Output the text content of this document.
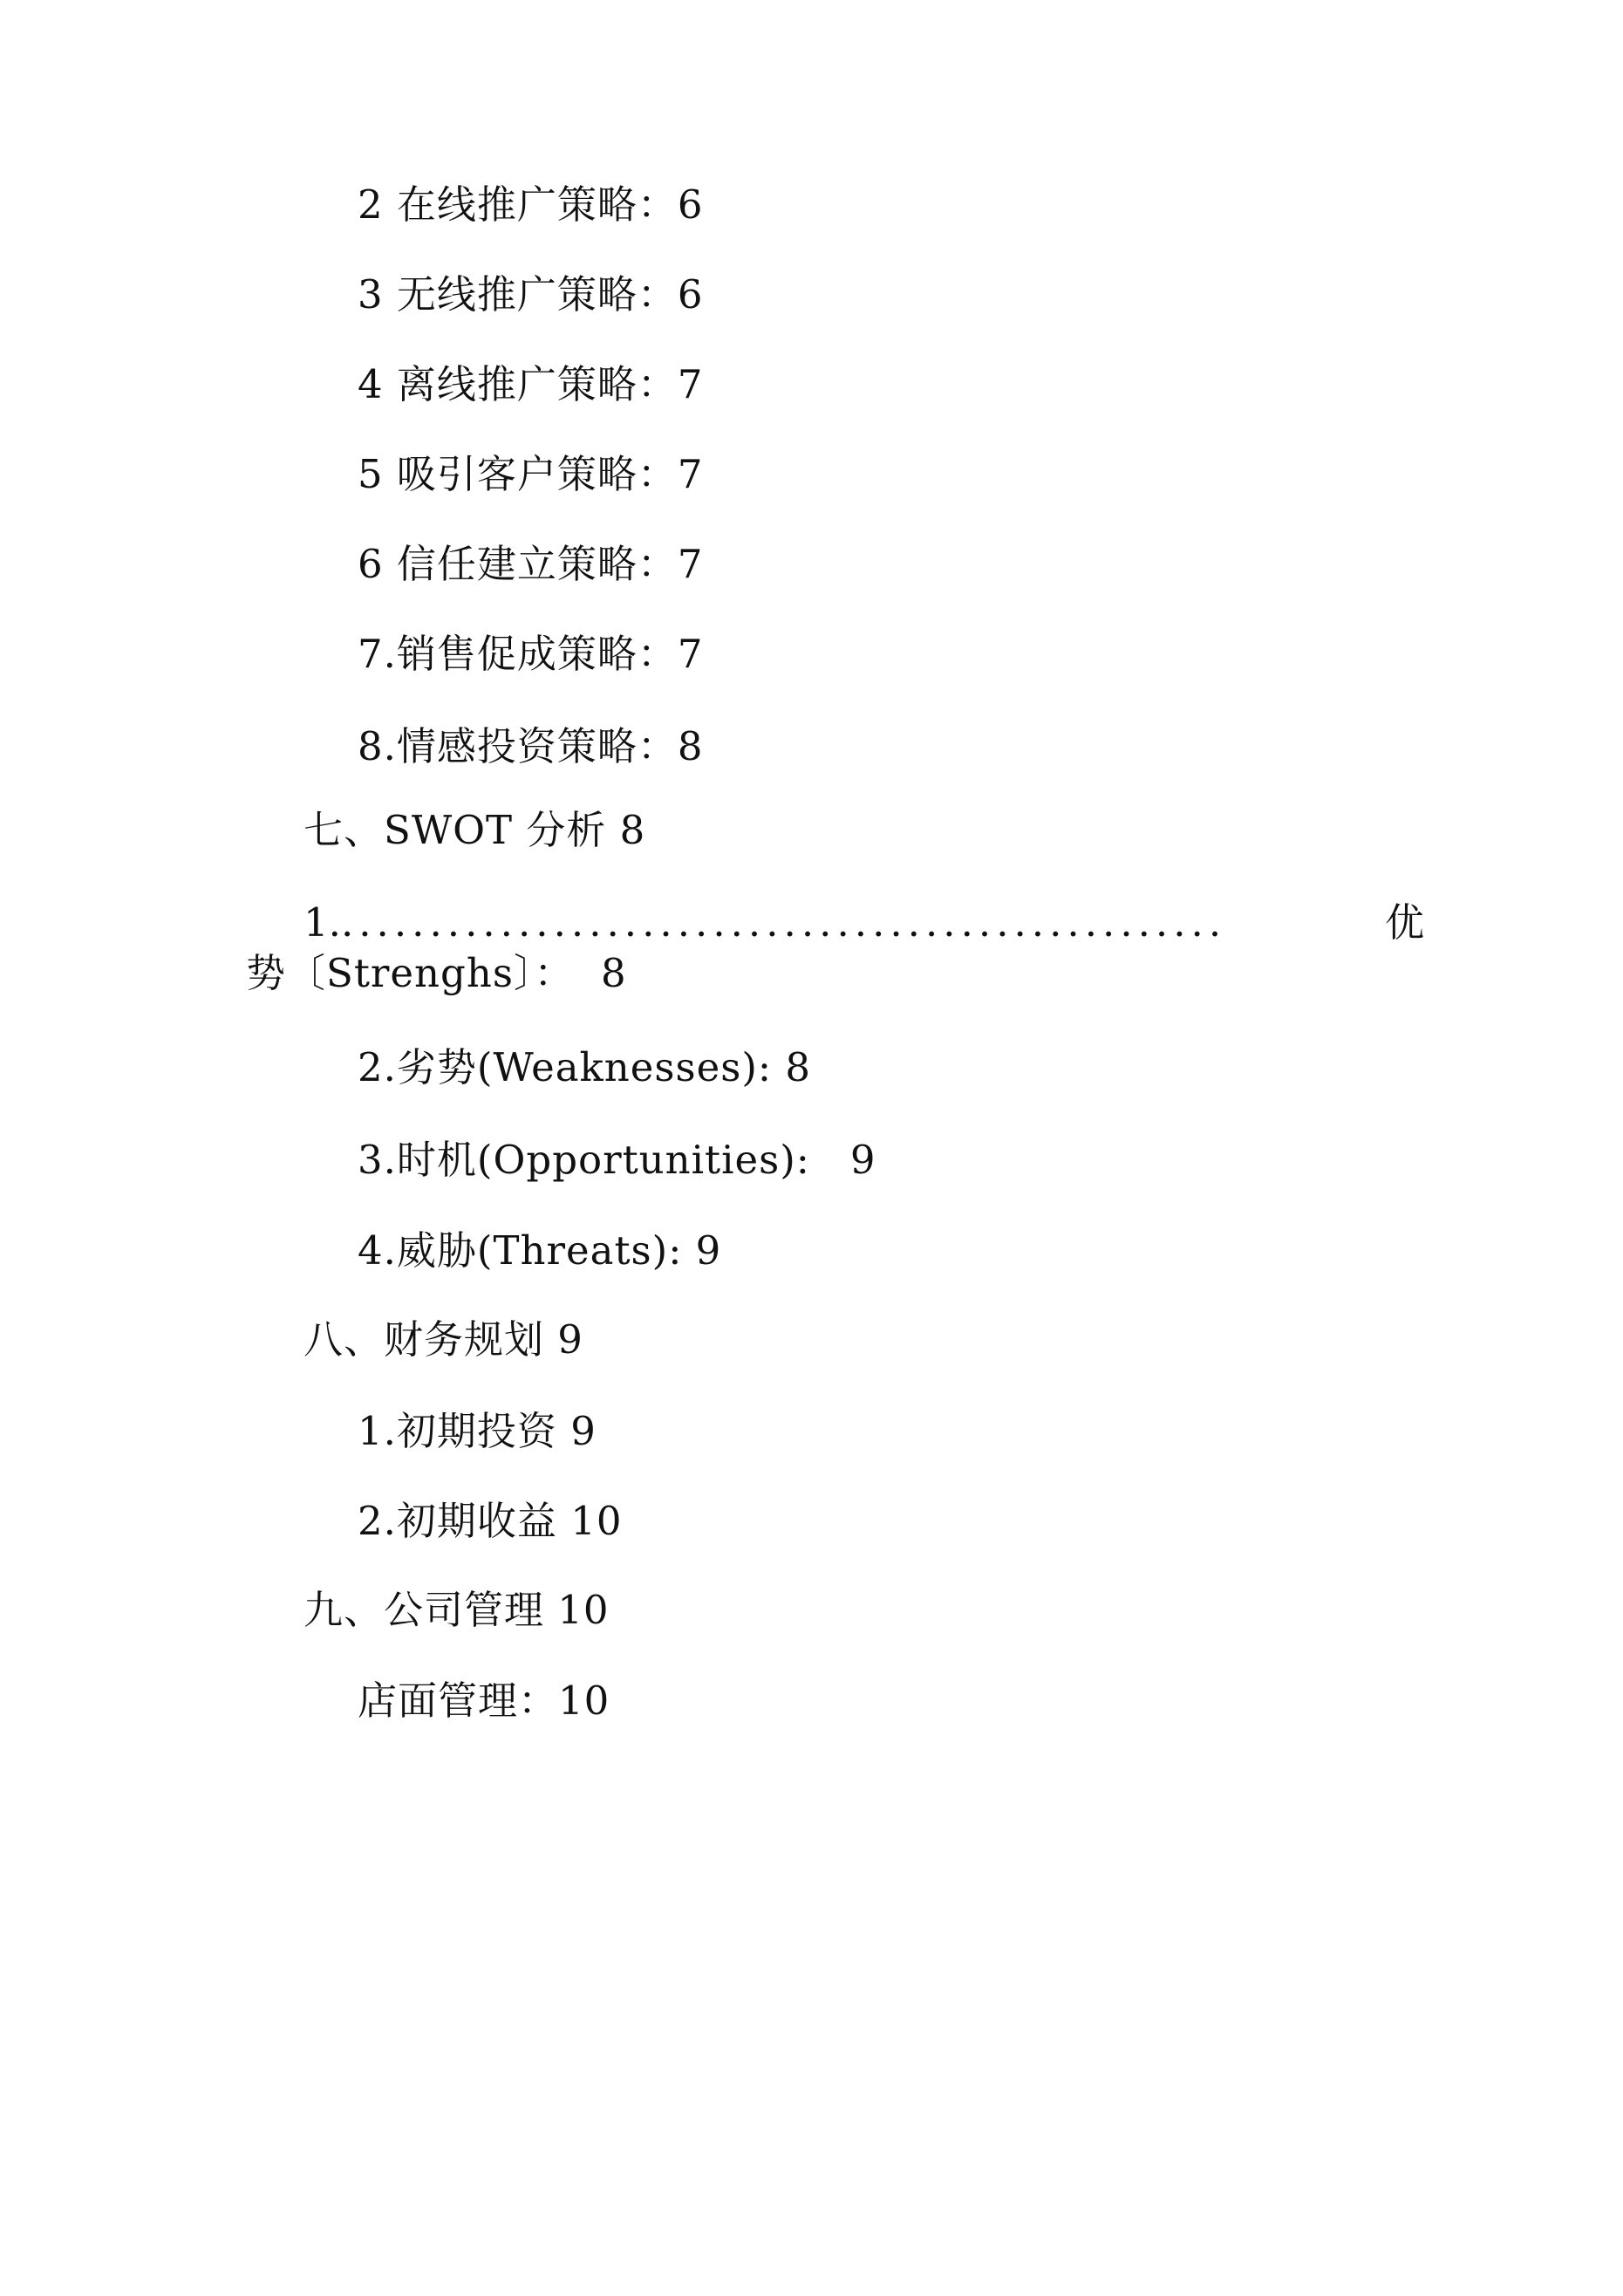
2 在线推广策略：6
3 无线推广策略：6
4 离线推广策略：7
5 吸引客户策略：7
6 信任建立策略：7
7.销售促成策略：7
8.情感投资策略：8
七、SWOT 分析 8
1. ..................................................	优
势〔Strenghs〕：  8
2.劣势(Weaknesses): 8
3.时机(Opportunities):   9
4.威胁(Threats): 9
八、财务规划 9
1.初期投资 9
2.初期收益 10
九、公司管理 10
店面管理：10
